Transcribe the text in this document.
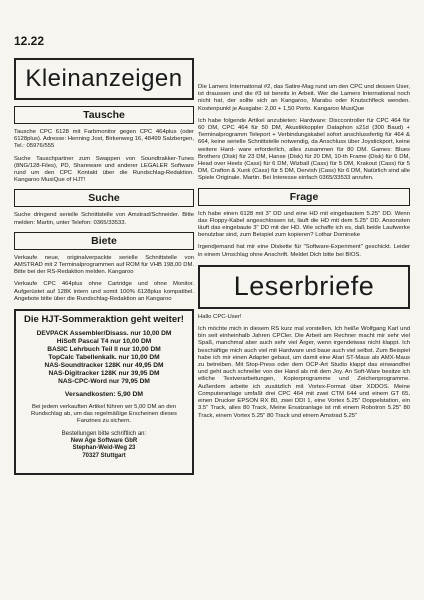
12.22
Kleinanzeigen
Tausche

Tausche CPC 6128 mit Farbmonitor gegen CPC 464plus (oder 6128plus). Adresse: Henning Jost, Birkenweg 16, 48499 Salzbergen, Tel.: 05976/555

Suche Tauschpartner zum Swappen von Soundtrakker-Tunes (8NG/128-Files), PD, Shareware und anderer LEGALER Software rund um den CPC Kontakt über die Rundschlag-Redaktion. Kangaroo MusiQue of HJT!

Suche

Suche dringend serielle Schnittstelle von Amstrad/Schneider. Bitte melden: Martin, unter Telefon: 0365/33533.

Biete

Verkaufe neue, originalverpackte serielle Schnittstelle von AMSTRAD mit 2 Terminalprogrammen auf ROM für VHB 198,00 DM. Bitte bei der RS-Redaktion melden. Kangaroo

Verkaufe CPC 464plus ohne Cartridge und ohne Monitor. Aufgerüstet auf 128K intern und somit 100% 6128plus kompatibel. Angebote bitte über die Rundschlag-Redaktion an Kangaroo

Die HJT-Sommeraktion geht weiter!
DEVPACK Assembler/Disass. nur 10,00 DM
HiSoft Pascal T4 nur 10,00 DM
BASIC Lehrbuch Teil II nur 10,00 DM
TopCalc Tabellenkalk. nur 10,00 DM
NAS-Soundtracker 128K nur 49,95 DM
NAS-Digitracker 128K nur 39,95 DM
NAS-CPC-Word nur 79,95 DM
Versandkosten: 5,90 DM
Bei jedem verkauften Artikel führen wir 5,00 DM an den Rundschlag ab, um das regelmäßige Erscheinen dieses Fanzines zu sichern.
Bestellungen bitte schriftlich an:
New Age Software GbR
Stephan-Weid-Weg 23
70327 Stuttgart

Die Lamers International #2, das Satire-Mag rund um den CPC und dessen User, ist draussen und die #3 ist bereits in Arbeit. Wer die Lamers International noch nicht hat, der sollte sich an Kangaroo, Marabu oder Knutschfleck wenden. Kostenpunkt je Ausgabe: 2,00 + 1,50 Porto. Kangaroo MusiQue

Ich habe folgende Artikel anzubieten: Hardware: Disccontroller für CPC 464 für 60 DM, CPC 464 für 50 DM, Akustikkoppler Dataphon s21d (300 Baud) + Terminalprogramm Teleport + Verbindungskabel sofort anschlussfertig für 464 & 664, keine serielle Schnittstelle notwendig, da Anschluss über Joystickport, keine weitere Hard- ware erforderlich, alles zusammen für 80 DM. Games: Blues Brothers (Disk) für 23 DM, Hanse (Disk) für 20 DM, 10-th Frame (Disk) für 6 DM, Head over Heels (Cass) für 6 DM, Wizball (Cass) für 5 DM, Krakout (Cass) für 5 DM, Crafton & Xunk (Cass) für 5 DM, Dervish (Cass) für 6 DM, Natürlich sind alle Spiele Originale. Martin. Bei Interesse einfach 0365/33533 anrufen.

Frage

Ich habe einen 6128 mit 3" DD und eine HD mit eingebautem 5.25" DD. Wenn das Floppy-Kabel angeschlossen ist, läuft die HD mit dem 5.25" DD. Ansonsten läuft das eingebaute 3" DD mit der HD. Wie schaffe ich es, daß beide Laufwerke benutzbar sind, zum Beispiel zum kopieren? Lothar Domineke

Irgendjemand hat mir eine Diskette für "Software-Experiment" geschickt. Leider in einem Umschlag ohne Anschrift. Meldet Dich bitte bei BIOS.

Leserbriefe

Hallo CPC-User!

Ich möchte mich in diesem RS kurz mal vorstellen. Ich heiße Wolfgang Karl und bin seit einheinhalb Jahren CPCler. Die Arbeit am Rechner macht mir sehr viel Spaß, manchmal aber auch sehr viel Ärger, wenn irgendetwas nicht klappt. Ich beschäftige mich auch viel mit Hardware und baue auch viel selbst. Zum Beispiel habe ich mir einen Adapter gebaut, um damit eine Atari ST-Maus als AMX-Maus zu betreiben. Mit Stop-Press oder dem OCP-Art Studio klappt das einwandfrei und geht auch schneller von der Hand als mit dem Joy. An Soft-Ware besitze ich etliche Textverarbeitungen, Kopierprogramme und Zeichenprogramme. Außerdem arbeite ich zusätzlich mit Vortex-Format über XDDOS. Meine Computeranlage umfaßt drei CPC 464 mit zwei CTM 644 und einem GT 65, einen Drucker EPSON RX 80, zwei DDI 1, eine Vortex 5.25" Doppelstation, ein 3.5" Track, alles 80 Track, Meine Ersatzanlage ist mit einem Robotron 5.25" 80 Track, einem Vortex 5.25" 80 Track und einem Amstrad 5.25"
